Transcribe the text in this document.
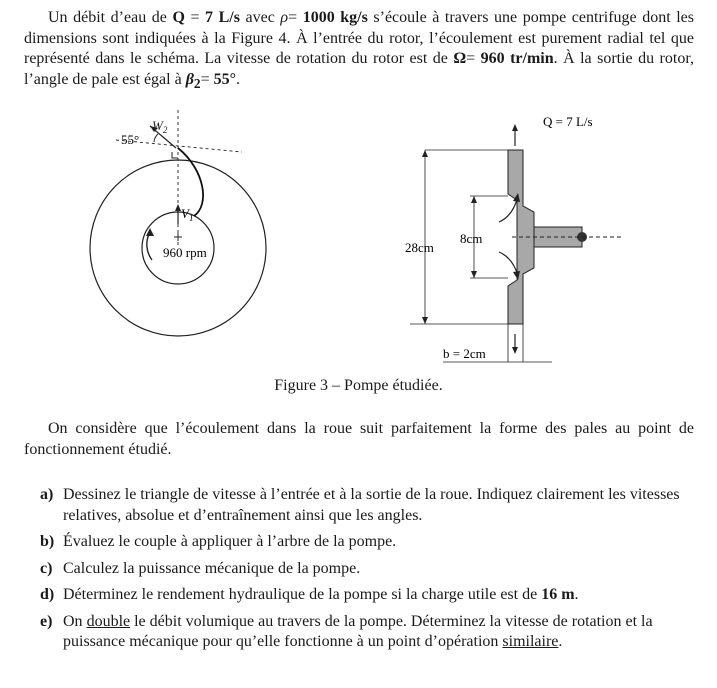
Un débit d’eau de Q = 7 L/s avec ρ= 1000 kg/s s’écoule à travers une pompe centrifuge dont les dimensions sont indiquées à la Figure 4. À l’entrée du rotor, l’écoulement est purement radial tel que représenté dans le schéma. La vitesse de rotation du rotor est de Ω= 960 tr/min. À la sortie du rotor, l’angle de pale est égal à $\beta_2= 55^\circ$.

55°
$W_2$
$V_1$
960 rpm	28cm
8cm
Q = 7 L/s
b = 2cm
Figure 3 – Pompe étudiée.

On considère que l’écoulement dans la roue suit parfaitement la forme des pales au point de fonctionnement étudié.

a) Dessinez le triangle de vitesse à l’entrée et à la sortie de la roue. Indiquez clairement les vitesses relatives, absolue et d’entraînement ainsi que les angles.
b) Évaluez le couple à appliquer à l’arbre de la pompe.
c) Calculez la puissance mécanique de la pompe.
d) Déterminez le rendement hydraulique de la pompe si la charge utile est de 16 m.
e) On double le débit volumique au travers de la pompe. Déterminez la vitesse de rotation et la puissance mécanique pour qu’elle fonctionne à un point d’opération similaire.
